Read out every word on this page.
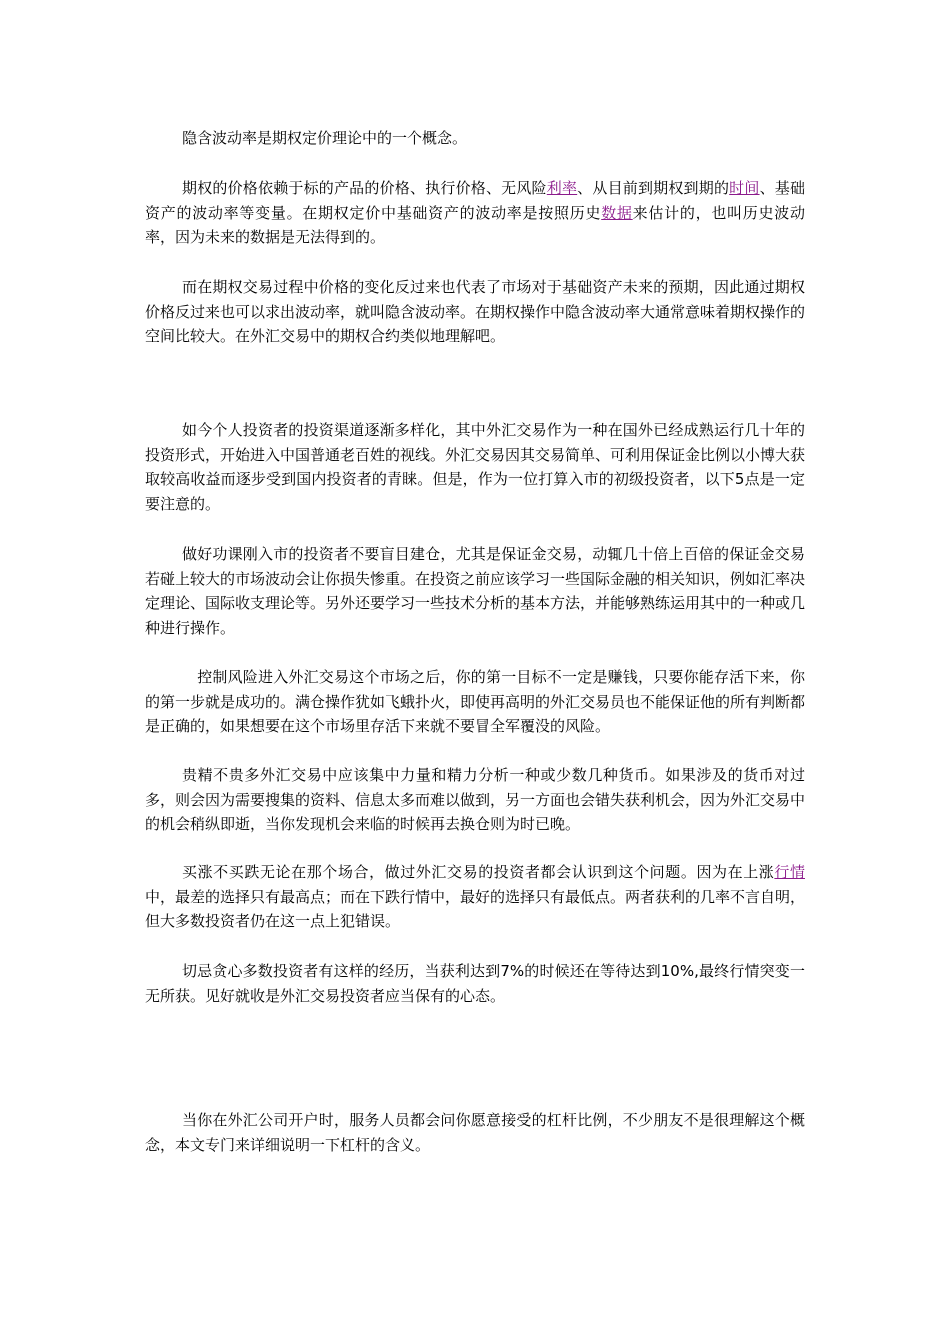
隐含波动率是期权定价理论中的一个概念。

期权的价格依赖于标的产品的价格、执行价格、无风险利率、从目前到期权到期的时间、基础资产的波动率等变量。在期权定价中基础资产的波动率是按照历史数据来估计的，也叫历史波动率，因为未来的数据是无法得到的。

而在期权交易过程中价格的变化反过来也代表了市场对于基础资产未来的预期，因此通过期权价格反过来也可以求出波动率，就叫隐含波动率。在期权操作中隐含波动率大通常意味着期权操作的空间比较大。在外汇交易中的期权合约类似地理解吧。

如今个人投资者的投资渠道逐渐多样化，其中外汇交易作为一种在国外已经成熟运行几十年的投资形式，开始进入中国普通老百姓的视线。外汇交易因其交易简单、可利用保证金比例以小博大获取较高收益而逐步受到国内投资者的青睐。但是，作为一位打算入市的初级投资者，以下5点是一定要注意的。

做好功课刚入市的投资者不要盲目建仓，尤其是保证金交易，动辄几十倍上百倍的保证金交易若碰上较大的市场波动会让你损失惨重。在投资之前应该学习一些国际金融的相关知识，例如汇率决定理论、国际收支理论等。另外还要学习一些技术分析的基本方法，并能够熟练运用其中的一种或几种进行操作。

　控制风险进入外汇交易这个市场之后，你的第一目标不一定是赚钱，只要你能存活下来，你的第一步就是成功的。满仓操作犹如飞蛾扑火，即使再高明的外汇交易员也不能保证他的所有判断都是正确的，如果想要在这个市场里存活下来就不要冒全军覆没的风险。

贵精不贵多外汇交易中应该集中力量和精力分析一种或少数几种货币。如果涉及的货币对过多，则会因为需要搜集的资料、信息太多而难以做到，另一方面也会错失获利机会，因为外汇交易中的机会稍纵即逝，当你发现机会来临的时候再去换仓则为时已晚。

买涨不买跌无论在那个场合，做过外汇交易的投资者都会认识到这个问题。因为在上涨行情中，最差的选择只有最高点；而在下跌行情中，最好的选择只有最低点。两者获利的几率不言自明，但大多数投资者仍在这一点上犯错误。

切忌贪心多数投资者有这样的经历，当获利达到7%的时候还在等待达到10%,最终行情突变一无所获。见好就收是外汇交易投资者应当保有的心态。

当你在外汇公司开户时，服务人员都会问你愿意接受的杠杆比例，不少朋友不是很理解这个概念，本文专门来详细说明一下杠杆的含义。
